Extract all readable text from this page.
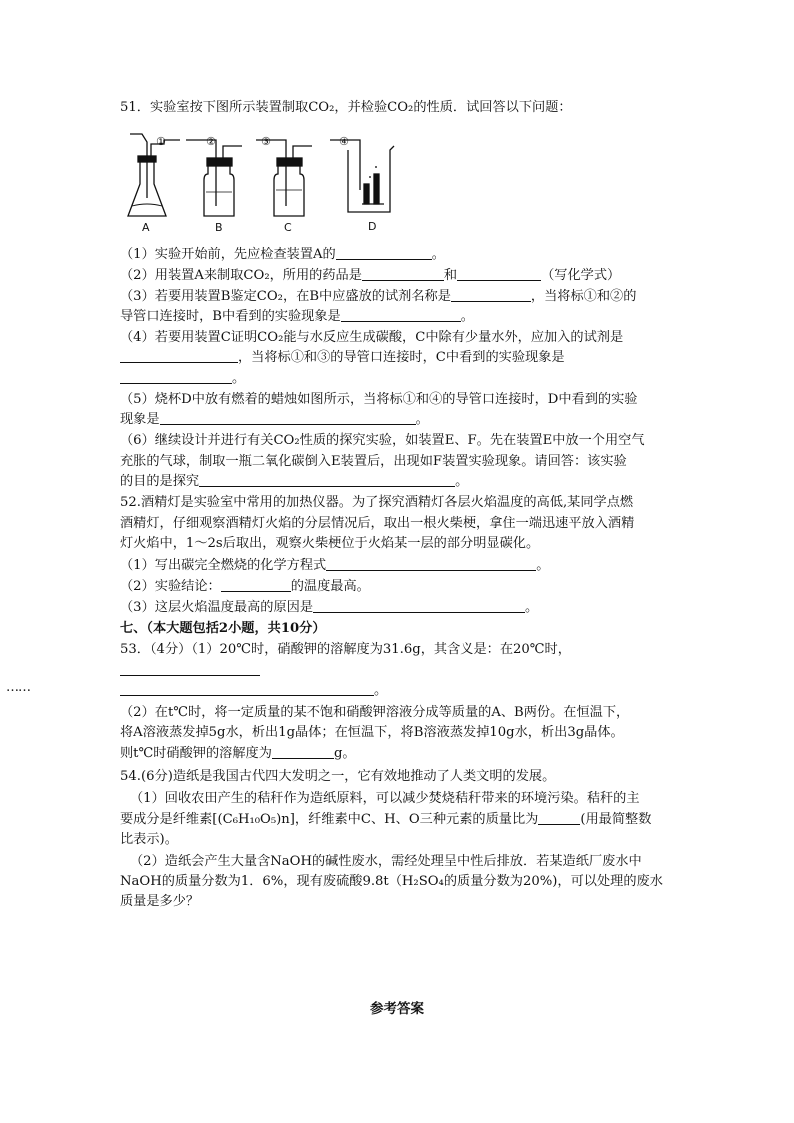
51．实验室按下图所示装置制取CO₂，并检验CO₂的性质．试回答以下问题：
①	②	③	④
A	B	C	D
（1）实验开始前，先应检查装置A的	。
（2）用装置A来制取CO₂，所用的药品是	和	（写化学式）
（3）若要用装置B鉴定CO₂，在B中应盛放的试剂名称是	，当将标①和②的
导管口连接时，B中看到的实验现象是	。
（4）若要用装置C证明CO₂能与水反应生成碳酸，C中除有少量水外，应加入的试剂是
，当将标①和③的导管口连接时，C中看到的实验现象是
。
（5）烧杯D中放有燃着的蜡烛如图所示，当将标①和④的导管口连接时，D中看到的实验
现象是	。
（6）继续设计并进行有关CO₂性质的探究实验，如装置E、F。先在装置E中放一个用空气
充胀的气球，制取一瓶二氧化碳倒入E装置后，出现如F装置实验现象。请回答：该实验
的目的是探究	。
52.酒精灯是实验室中常用的加热仪器。为了探究酒精灯各层火焰温度的高低,某同学点燃
酒精灯，仔细观察酒精灯火焰的分层情况后，取出一根火柴梗，拿住一端迅速平放入酒精
灯火焰中，1～2s后取出，观察火柴梗位于火焰某一层的部分明显碳化。
（1）写出碳完全燃烧的化学方程式	。
（2）实验结论：	的温度最高。
（3）这层火焰温度最高的原因是	。
七、（本大题包括2小题，共10分）
53．（4分）（1）20℃时，硝酸钾的溶解度为31.6g，其含义是：在20℃时，
。
……
（2）在t℃时，将一定质量的某不饱和硝酸钾溶液分成等质量的A、B两份。在恒温下，
将A溶液蒸发掉5g水，析出1g晶体；在恒温下，将B溶液蒸发掉10g水，析出3g晶体。
则t℃时硝酸钾的溶解度为	g。
54.(6分)造纸是我国古代四大发明之一，它有效地推动了人类文明的发展。
（1）回收农田产生的秸秆作为造纸原料，可以减少焚烧秸秆带来的环境污染。秸秆的主
要成分是纤维素[(C₆H₁₀O₅)n]，纤维素中C、H、O三种元素的质量比为	(用最简整数
比表示)。
（2）造纸会产生大量含NaOH的碱性废水，需经处理呈中性后排放．若某造纸厂废水中
NaOH的质量分数为1．6%，现有废硫酸9.8t（H₂SO₄的质量分数为20%)，可以处理的废水
质量是多少？
参考答案
